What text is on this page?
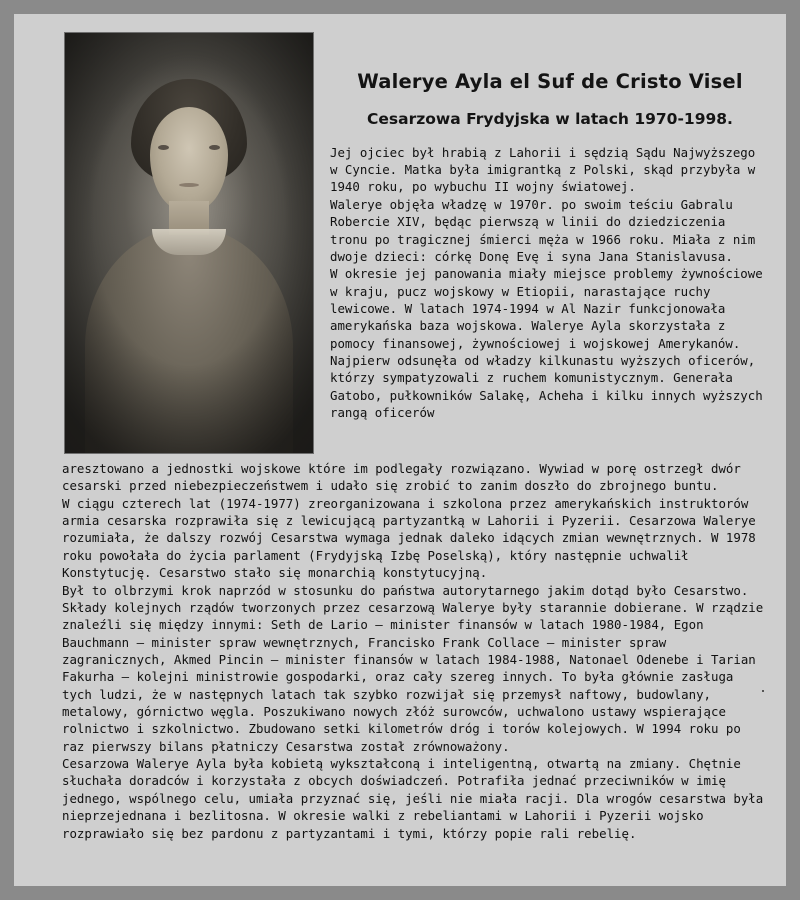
Walerye Ayla el Suf de Cristo Visel
Cesarzowa Frydyjska w latach 1970-1998.

Jej ojciec był hrabią z Lahorii i sędzią Sądu Najwyższego w Cyncie. Matka była imigrantką z Polski, skąd przybyła w 1940 roku, po wybuchu II wojny światowej.

Walerye objęła władzę w 1970r. po swoim teściu Gabralu Robercie XIV, będąc pierwszą w linii do dziedziczenia tronu po tragicznej śmierci męża w 1966 roku. Miała z nim dwoje dzieci: córkę Donę Evę i syna Jana Stanislavusa.

W okresie jej panowania miały miejsce problemy żywnościowe w kraju, pucz wojskowy w Etiopii, narastające ruchy lewicowe. W latach 1974-1994 w Al Nazir funkcjonowała amerykańska baza wojskowa. Walerye Ayla skorzystała z pomocy finansowej, żywnościowej i wojskowej Amerykanów. Najpierw odsunęła od władzy kilkunastu wyższych oficerów, którzy sympatyzowali z ruchem komunistycznym. Generała Gatobo, pułkowników Salakę, Acheha i kilku innych wyższych rangą oficerów

aresztowano a jednostki wojskowe które im podlegały rozwiązano. Wywiad w porę ostrzegł dwór cesarski przed niebezpieczeństwem i udało się zrobić to zanim doszło do zbrojnego buntu.

W ciągu czterech lat (1974-1977) zreorganizowana i szkolona przez amerykańskich instruktorów armia cesarska rozprawiła się z lewicującą partyzantką w Lahorii i Pyzerii. Cesarzowa Walerye rozumiała, że dalszy rozwój Cesarstwa wymaga jednak daleko idących zmian wewnętrznych. W 1978 roku powołała do życia parlament (Frydyjską Izbę Poselską), który następnie uchwalił Konstytucję. Cesarstwo stało się monarchią konstytucyjną.

Był to olbrzymi krok naprzód w stosunku do państwa autorytarnego jakim dotąd było Cesarstwo. Składy kolejnych rządów tworzonych przez cesarzową Walerye były starannie dobierane. W rządzie znaleźli się między innymi: Seth de Lario – minister finansów w latach 1980-1984, Egon Bauchmann – minister spraw wewnętrznych, Francisko Frank Collace – minister spraw zagranicznych, Akmed Pincin – minister finansów w latach 1984-1988, Natonael Odenebe i Tarian Fakurha – kolejni ministrowie gospodarki, oraz cały szereg innych. To była głównie zasługa tych ludzi, że w następnych latach tak szybko rozwijał się przemysł naftowy, budowlany, metalowy, górnictwo węgla. Poszukiwano nowych złóż surowców, uchwalono ustawy wspierające rolnictwo i szkolnictwo. Zbudowano setki kilometrów dróg i torów kolejowych. W 1994 roku po raz pierwszy bilans płatniczy Cesarstwa został zrównoważony.

Cesarzowa Walerye Ayla była kobietą wykształconą i inteligentną, otwartą na zmiany. Chętnie słuchała doradców i korzystała z obcych doświadczeń. Potrafiła jednać przeciwników w imię jednego, wspólnego celu, umiała przyznać się, jeśli nie miała racji. Dla wrogów cesarstwa była nieprzejednana i bezlitosna. W okresie walki z rebeliantami w Lahorii i Pyzerii wojsko rozprawiało się bez pardonu z partyzantami i tymi, którzy popie rali rebelię.
